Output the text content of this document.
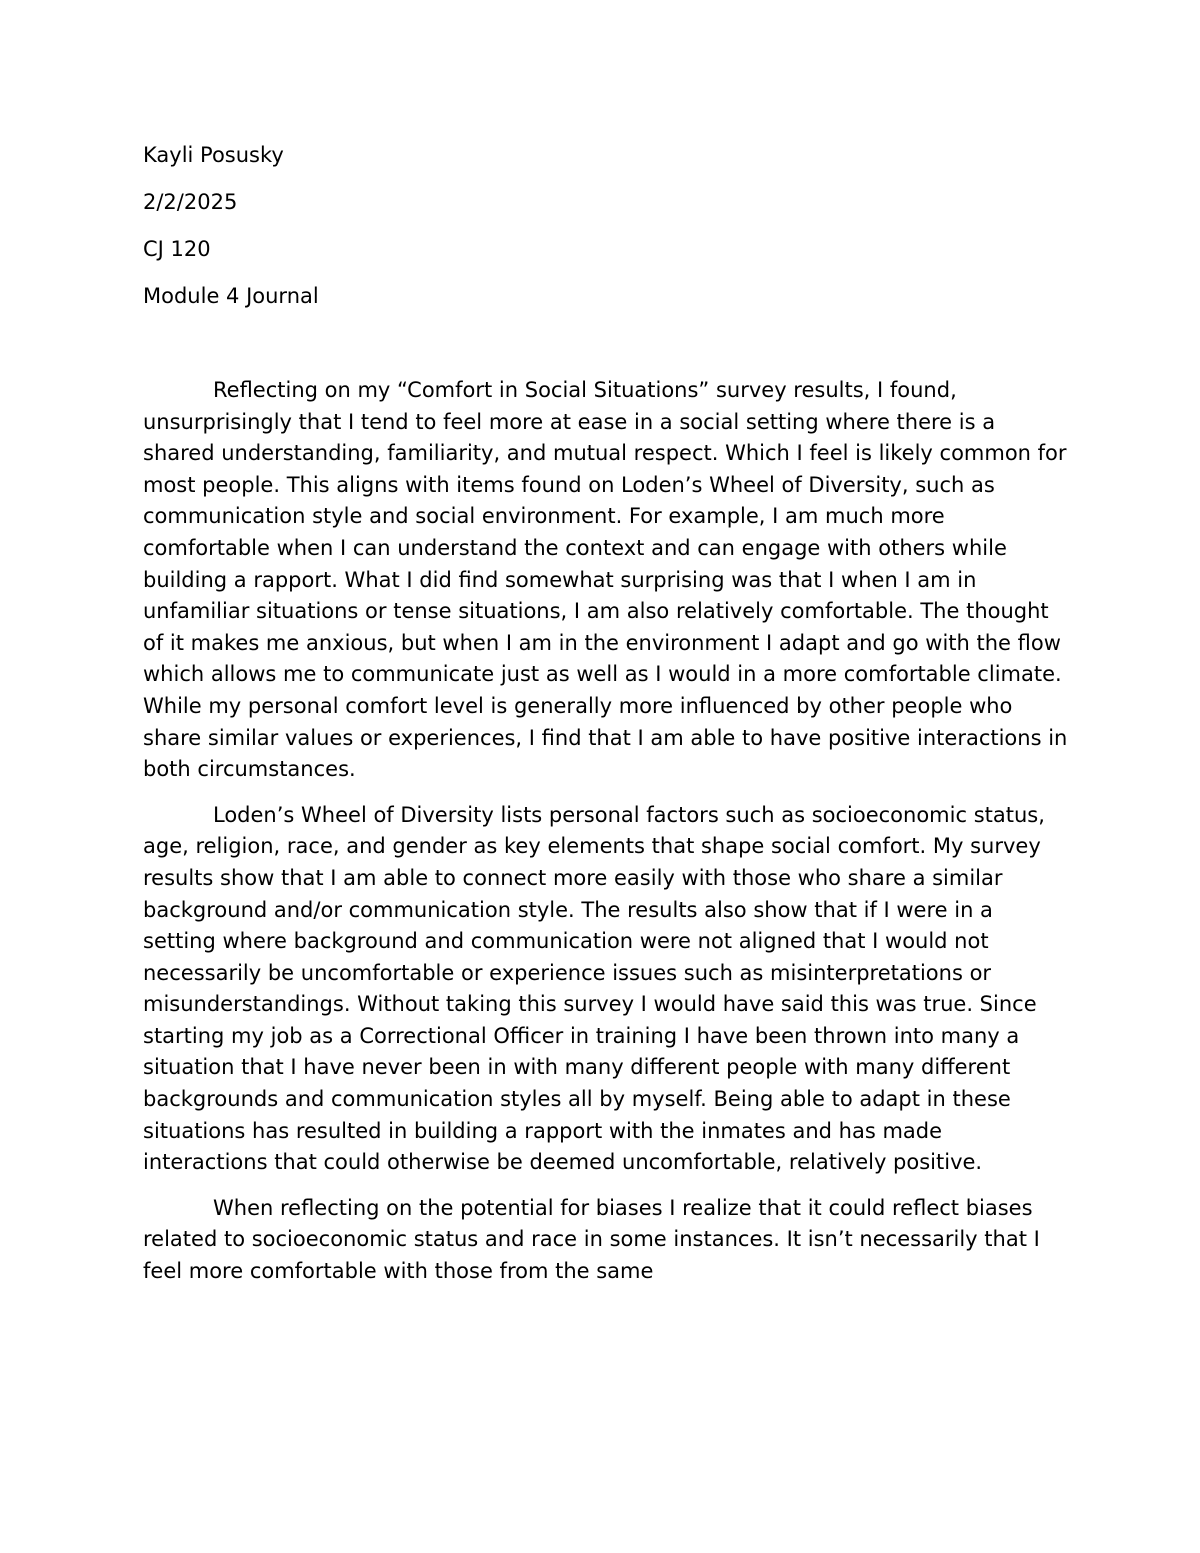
Kayli Posusky
2/2/2025
CJ 120
Module 4 Journal

Reflecting on my “Comfort in Social Situations” survey results, I found, unsurprisingly that I tend to feel more at ease in a social setting where there is a shared understanding, familiarity, and mutual respect. Which I feel is likely common for most people. This aligns with items found on Loden’s Wheel of Diversity, such as communication style and social environment. For example, I am much more comfortable when I can understand the context and can engage with others while building a rapport. What I did find somewhat surprising was that I when I am in unfamiliar situations or tense situations, I am also relatively comfortable. The thought of it makes me anxious, but when I am in the environment I adapt and go with the flow which allows me to communicate just as well as I would in a more comfortable climate. While my personal comfort level is generally more influenced by other people who share similar values or experiences, I find that I am able to have positive interactions in both circumstances.

Loden’s Wheel of Diversity lists personal factors such as socioeconomic status, age, religion, race, and gender as key elements that shape social comfort. My survey results show that I am able to connect more easily with those who share a similar background and/or communication style. The results also show that if I were in a setting where background and communication were not aligned that I would not necessarily be uncomfortable or experience issues such as misinterpretations or misunderstandings. Without taking this survey I would have said this was true. Since starting my job as a Correctional Officer in training I have been thrown into many a situation that I have never been in with many different people with many different backgrounds and communication styles all by myself. Being able to adapt in these situations has resulted in building a rapport with the inmates and has made interactions that could otherwise be deemed uncomfortable, relatively positive.

When reflecting on the potential for biases I realize that it could reflect biases related to socioeconomic status and race in some instances. It isn’t necessarily that I feel more comfortable with those from the same
